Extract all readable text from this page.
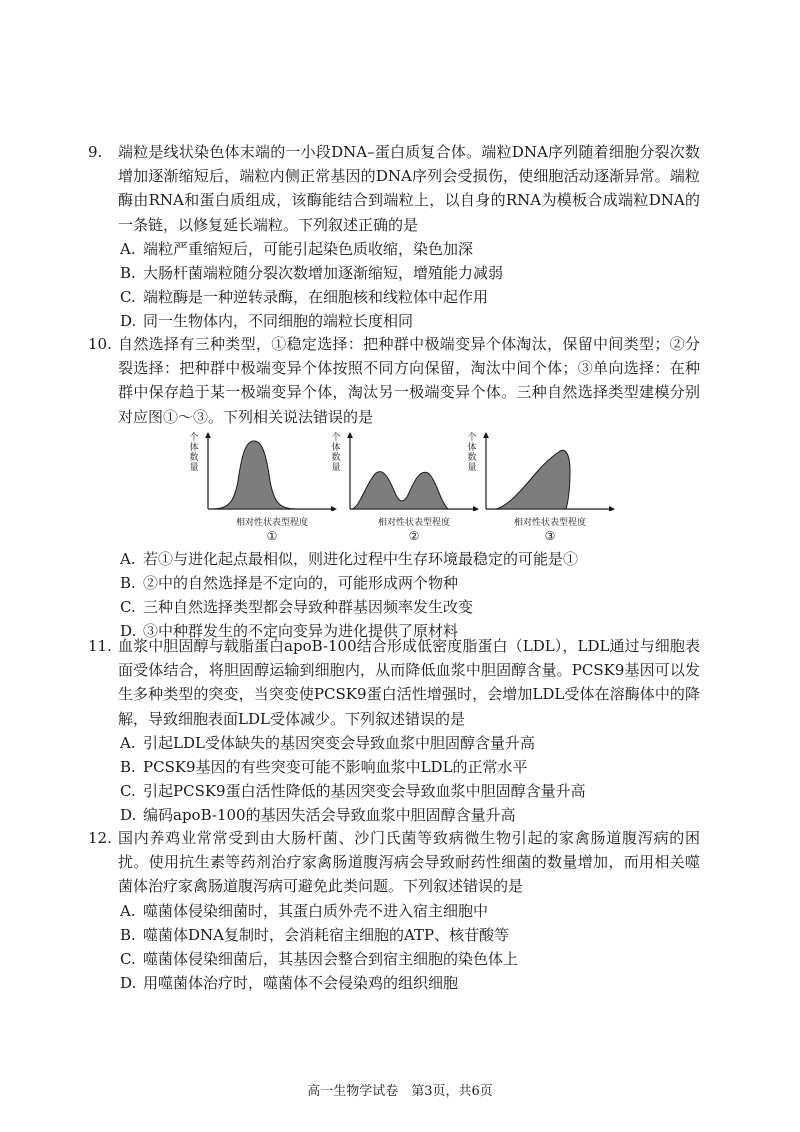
9. 端粒是线状染色体末端的一小段DNA–蛋白质复合体。端粒DNA序列随着细胞分裂次数增加逐渐缩短后，端粒内侧正常基因的DNA序列会受损伤，使细胞活动逐渐异常。端粒酶由RNA和蛋白质组成，该酶能结合到端粒上，以自身的RNA为模板合成端粒DNA的一条链，以修复延长端粒。下列叙述正确的是

A. 端粒严重缩短后，可能引起染色质收缩，染色加深

B. 大肠杆菌端粒随分裂次数增加逐渐缩短，增殖能力减弱

C. 端粒酶是一种逆转录酶，在细胞核和线粒体中起作用

D. 同一生物体内，不同细胞的端粒长度相同

10. 自然选择有三种类型，①稳定选择：把种群中极端变异个体淘汰，保留中间类型；②分裂选择：把种群中极端变异个体按照不同方向保留，淘汰中间个体；③单向选择：在种群中保存趋于某一极端变异个体，淘汰另一极端变异个体。三种自然选择类型建模分别对应图①～③。下列相关说法错误的是

个体数量
相对性状表型程度
①
个体数量
相对性状表型程度
②
个体数量
相对性状表型程度
③

A. 若①与进化起点最相似，则进化过程中生存环境最稳定的可能是①

B. ②中的自然选择是不定向的，可能形成两个物种

C. 三种自然选择类型都会导致种群基因频率发生改变

D. ③中种群发生的不定向变异为进化提供了原材料

11. 血浆中胆固醇与载脂蛋白apoB-100结合形成低密度脂蛋白（LDL），LDL通过与细胞表面受体结合，将胆固醇运输到细胞内，从而降低血浆中胆固醇含量。PCSK9基因可以发生多种类型的突变，当突变使PCSK9蛋白活性增强时，会增加LDL受体在溶酶体中的降解，导致细胞表面LDL受体减少。下列叙述错误的是

A. 引起LDL受体缺失的基因突变会导致血浆中胆固醇含量升高

B. PCSK9基因的有些突变可能不影响血浆中LDL的正常水平

C. 引起PCSK9蛋白活性降低的基因突变会导致血浆中胆固醇含量升高

D. 编码apoB-100的基因失活会导致血浆中胆固醇含量升高

12. 国内养鸡业常常受到由大肠杆菌、沙门氏菌等致病微生物引起的家禽肠道腹泻病的困扰。使用抗生素等药剂治疗家禽肠道腹泻病会导致耐药性细菌的数量增加，而用相关噬菌体治疗家禽肠道腹泻病可避免此类问题。下列叙述错误的是

A. 噬菌体侵染细菌时，其蛋白质外壳不进入宿主细胞中

B. 噬菌体DNA复制时，会消耗宿主细胞的ATP、核苷酸等

C. 噬菌体侵染细菌后，其基因会整合到宿主细胞的染色体上

D. 用噬菌体治疗时，噬菌体不会侵染鸡的组织细胞

高一生物学试卷　第3页，共6页
